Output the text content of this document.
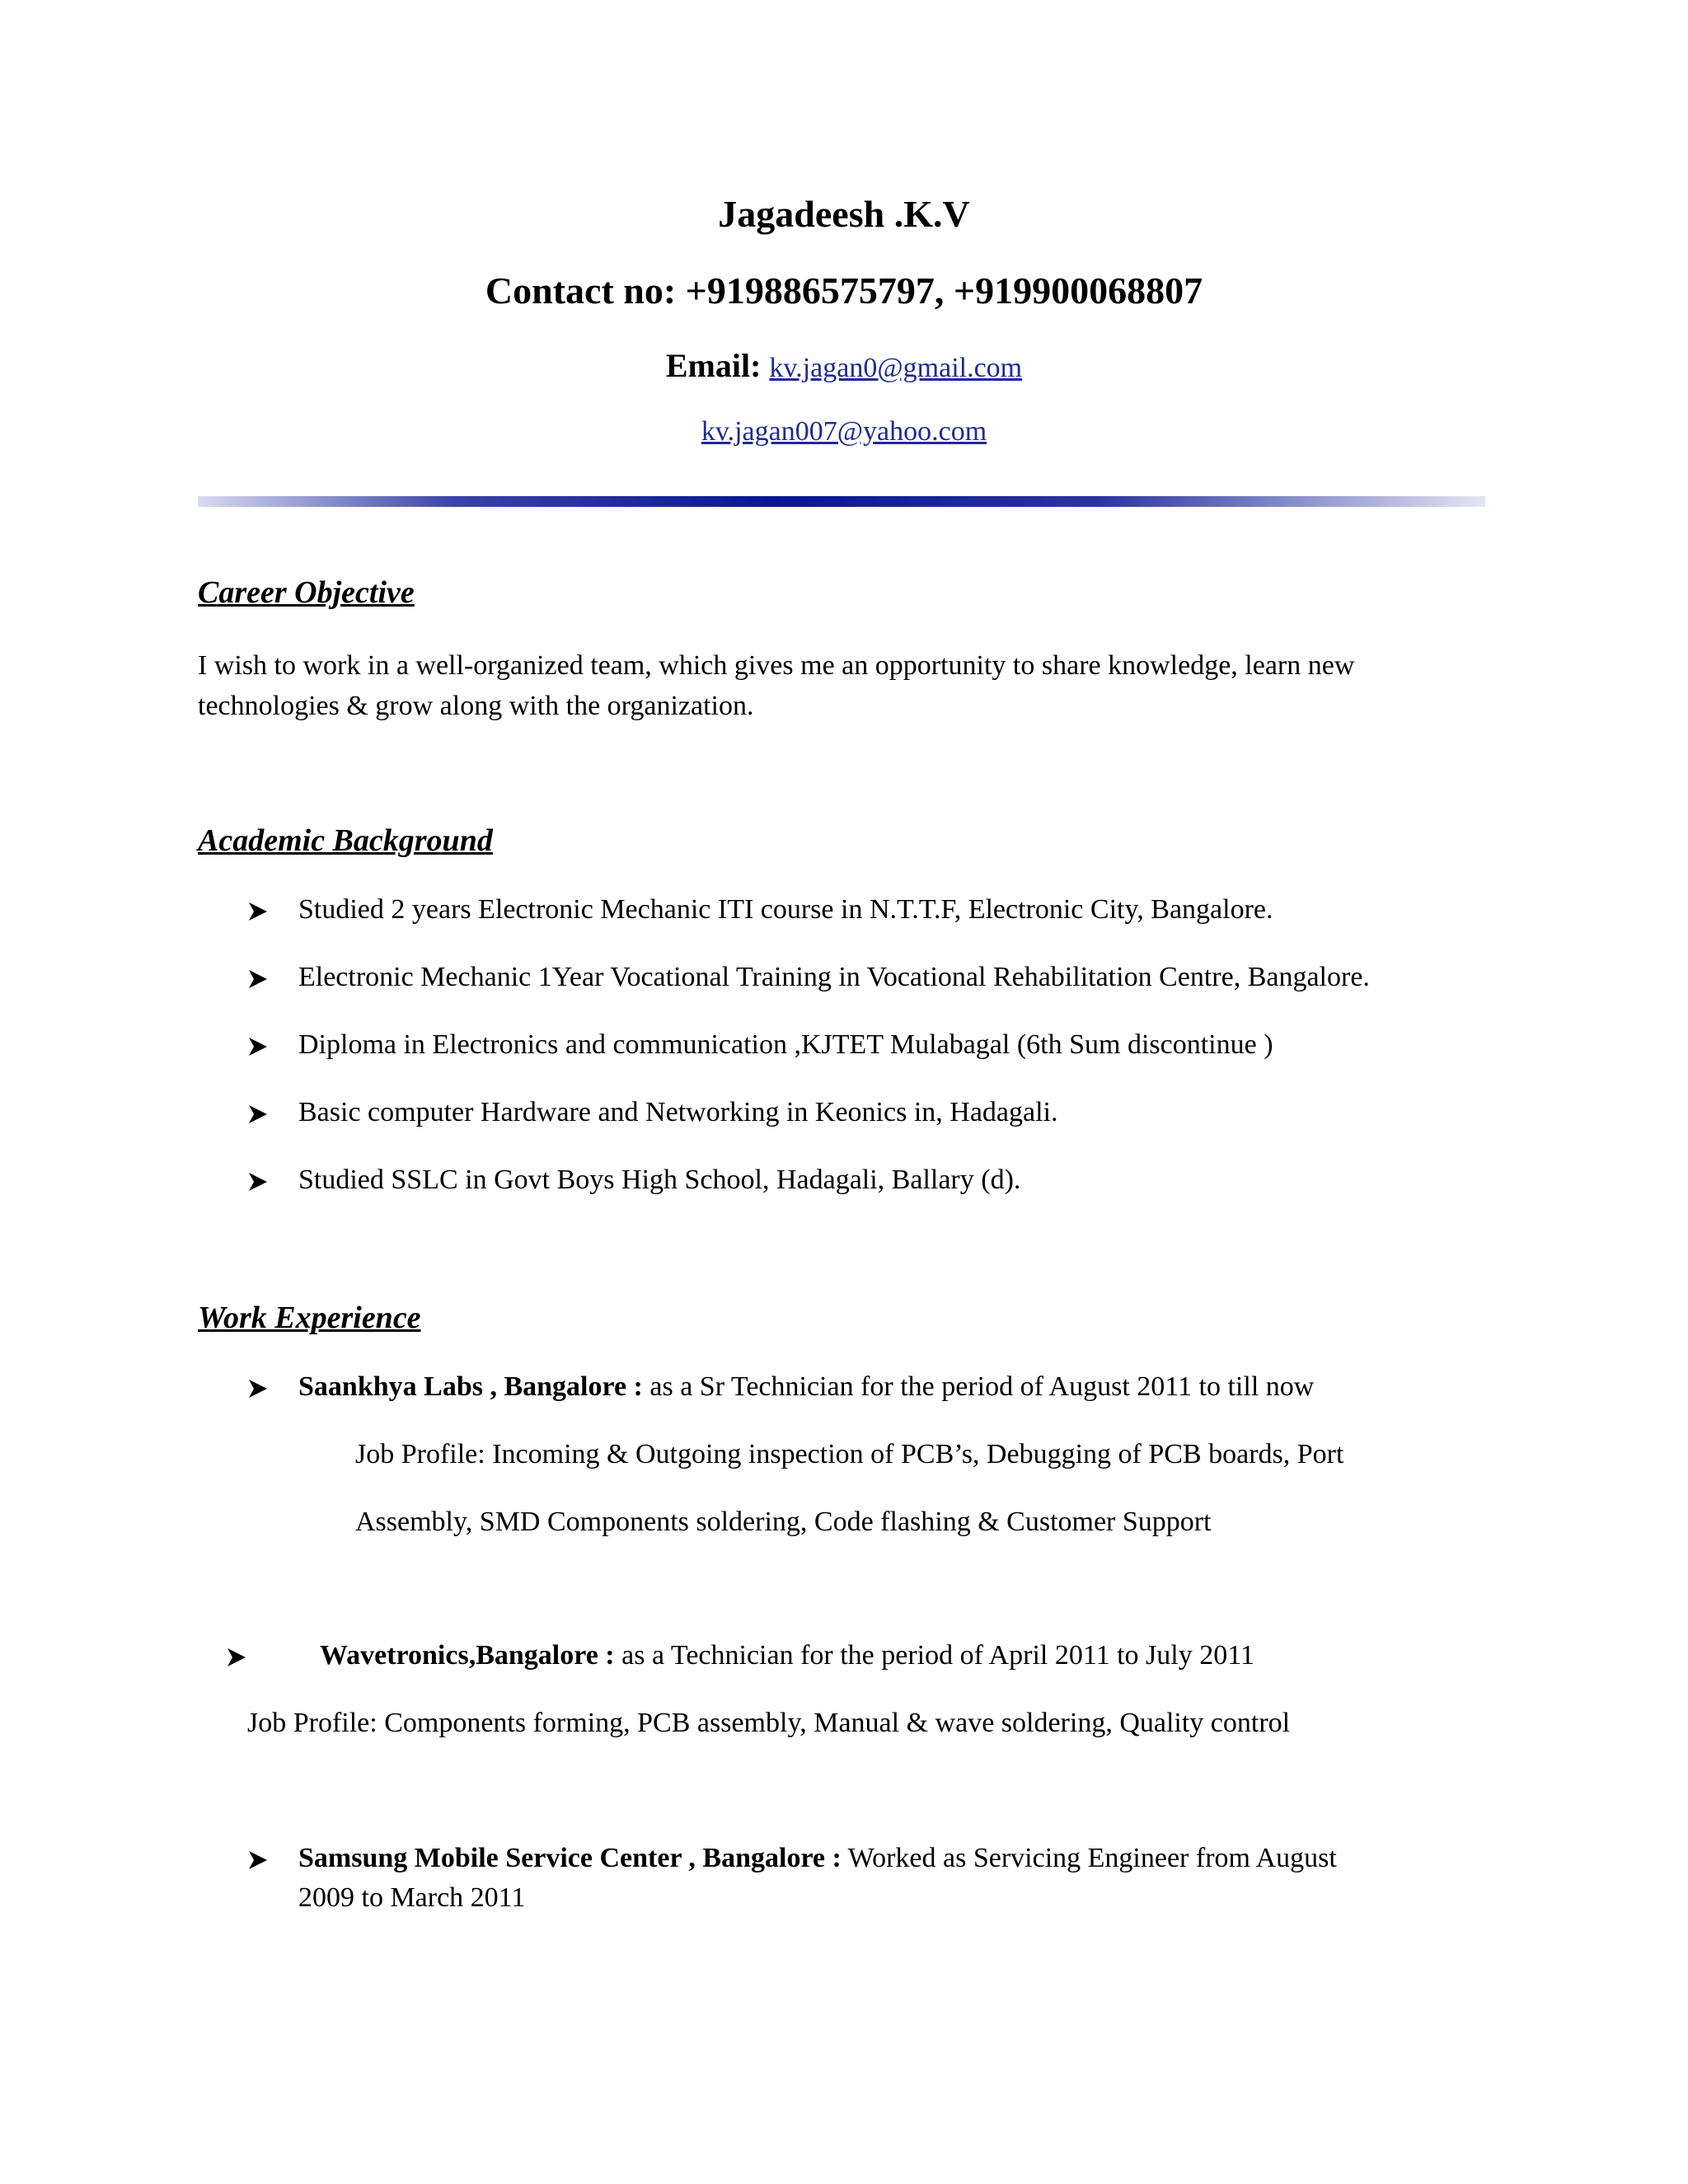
Jagadeesh .K.V
Contact no: +919886575797, +919900068807
Email: kv.jagan0@gmail.com
kv.jagan007@yahoo.com
Career Objective
I wish to work in a well-organized team, which gives me an opportunity to share knowledge, learn new
technologies & grow along with the organization.
Academic Background
Studied 2 years Electronic Mechanic ITI course in N.T.T.F, Electronic City, Bangalore.
Electronic Mechanic 1Year Vocational Training in Vocational Rehabilitation Centre, Bangalore.
Diploma in Electronics and communication ,KJTET Mulabagal (6th Sum discontinue )
Basic computer Hardware and Networking in Keonics in, Hadagali.
Studied SSLC in Govt Boys High School, Hadagali, Ballary (d).
Work Experience
Saankhya Labs , Bangalore : as a Sr Technician for the period of August 2011 to till now
Job Profile: Incoming & Outgoing inspection of PCB’s, Debugging of PCB boards, Port
Assembly, SMD Components soldering, Code flashing & Customer Support
Wavetronics,Bangalore : as a Technician for the period of April 2011 to July 2011
Job Profile: Components forming, PCB assembly, Manual & wave soldering, Quality control
Samsung Mobile Service Center , Bangalore : Worked as Servicing Engineer from August
2009 to March 2011
